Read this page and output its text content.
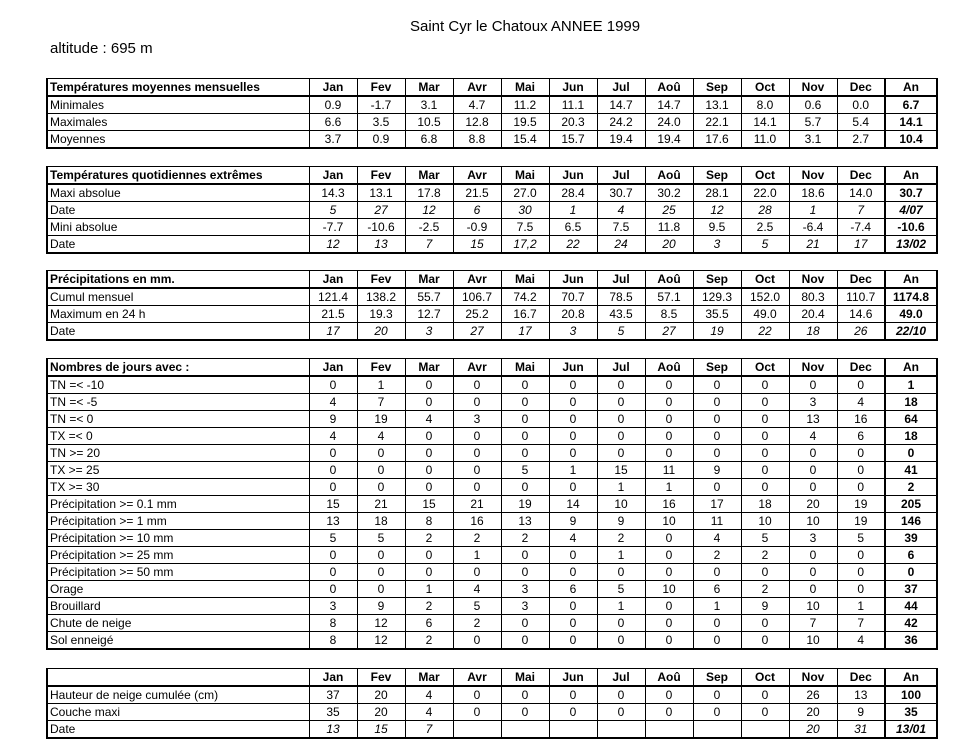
Saint Cyr le Chatoux ANNEE 1999
altitude : 695 m
Températures moyennes mensuelles	Jan	Fev	Mar	Avr	Mai	Jun	Jul	Aoû	Sep	Oct	Nov	Dec	An
Minimales	0.9	-1.7	3.1	4.7	11.2	11.1	14.7	14.7	13.1	8.0	0.6	0.0	6.7
Maximales	6.6	3.5	10.5	12.8	19.5	20.3	24.2	24.0	22.1	14.1	5.7	5.4	14.1
Moyennes	3.7	0.9	6.8	8.8	15.4	15.7	19.4	19.4	17.6	11.0	3.1	2.7	10.4
Températures quotidiennes extrêmes	Jan	Fev	Mar	Avr	Mai	Jun	Jul	Aoû	Sep	Oct	Nov	Dec	An
Maxi absolue	14.3	13.1	17.8	21.5	27.0	28.4	30.7	30.2	28.1	22.0	18.6	14.0	30.7
Date	5	27	12	6	30	1	4	25	12	28	1	7	4/07
Mini absolue	-7.7	-10.6	-2.5	-0.9	7.5	6.5	7.5	11.8	9.5	2.5	-6.4	-7.4	-10.6
Date	12	13	7	15	17,2	22	24	20	3	5	21	17	13/02
Précipitations en mm.	Jan	Fev	Mar	Avr	Mai	Jun	Jul	Aoû	Sep	Oct	Nov	Dec	An
Cumul mensuel	121.4	138.2	55.7	106.7	74.2	70.7	78.5	57.1	129.3	152.0	80.3	110.7	1174.8
Maximum en 24 h	21.5	19.3	12.7	25.2	16.7	20.8	43.5	8.5	35.5	49.0	20.4	14.6	49.0
Date	17	20	3	27	17	3	5	27	19	22	18	26	22/10
Nombres de jours avec :	Jan	Fev	Mar	Avr	Mai	Jun	Jul	Aoû	Sep	Oct	Nov	Dec	An
TN =< -10	0	1	0	0	0	0	0	0	0	0	0	0	1
TN =< -5	4	7	0	0	0	0	0	0	0	0	3	4	18
TN =< 0	9	19	4	3	0	0	0	0	0	0	13	16	64
TX =< 0	4	4	0	0	0	0	0	0	0	0	4	6	18
TN >= 20	0	0	0	0	0	0	0	0	0	0	0	0	0
TX >= 25	0	0	0	0	5	1	15	11	9	0	0	0	41
TX >= 30	0	0	0	0	0	0	1	1	0	0	0	0	2
Précipitation >= 0.1 mm	15	21	15	21	19	14	10	16	17	18	20	19	205
Précipitation >= 1 mm	13	18	8	16	13	9	9	10	11	10	10	19	146
Précipitation >= 10 mm	5	5	2	2	2	4	2	0	4	5	3	5	39
Précipitation >= 25 mm	0	0	0	1	0	0	1	0	2	2	0	0	6
Précipitation >= 50 mm	0	0	0	0	0	0	0	0	0	0	0	0	0
Orage	0	0	1	4	3	6	5	10	6	2	0	0	37
Brouillard	3	9	2	5	3	0	1	0	1	9	10	1	44
Chute de neige	8	12	6	2	0	0	0	0	0	0	7	7	42
Sol enneigé	8	12	2	0	0	0	0	0	0	0	10	4	36
	Jan	Fev	Mar	Avr	Mai	Jun	Jul	Aoû	Sep	Oct	Nov	Dec	An
Hauteur de neige cumulée (cm)	37	20	4	0	0	0	0	0	0	0	26	13	100
Couche maxi	35	20	4	0	0	0	0	0	0	0	20	9	35
Date	13	15	7								20	31	13/01
